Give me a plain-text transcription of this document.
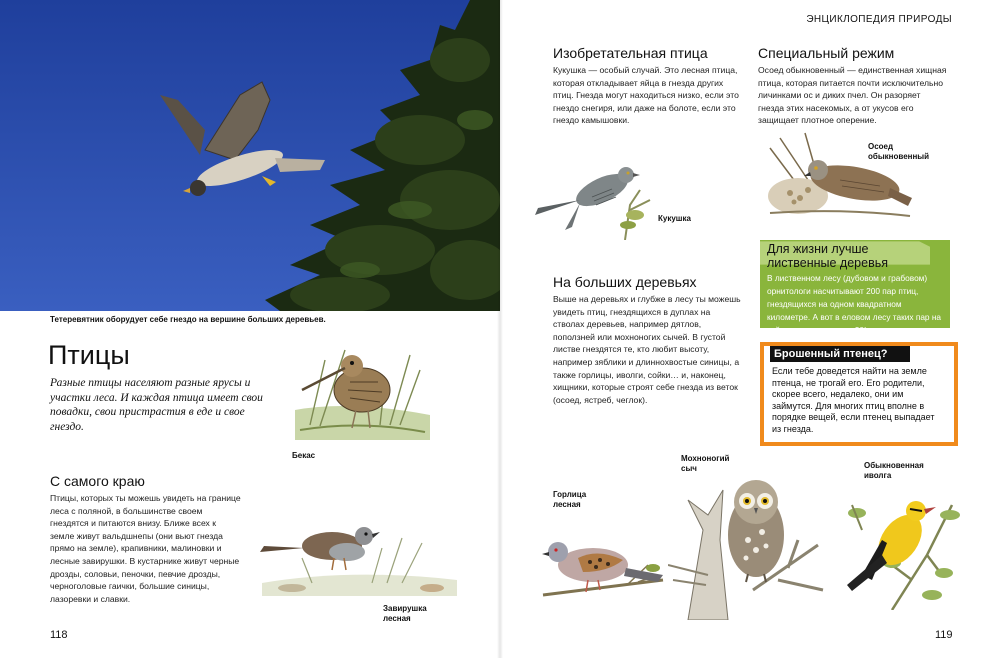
Тетеревятник оборудует себе гнездо на вершине больших деревьев.
Птицы
Разные птицы населяют разные ярусы и участки леса. И каждая птица имеет свои повадки, свои пристрастия в еде и свое гнездо.
Бекас
С самого краю
Птицы, которых ты можешь увидеть на границе леса с поляной, в большинстве своем гнездятся и питаются внизу. Ближе всех к земле живут вальдшнепы (они вьют гнезда прямо на земле), крапивники, малиновки и лесные завирушки. В кустарнике живут черные дрозды, соловьи, пеночки, певчие дрозды, черноголовые гаички, большие синицы, лазоревки и славки.
Завирушка
лесная
118
ЭНЦИКЛОПЕДИЯ ПРИРОДЫ
Изобретательная птица
Кукушка — особый случай. Это лесная птица, которая откладывает яйца в гнезда других птиц. Гнезда могут находиться низко, если это гнездо снегиря, или даже на болоте, если это гнездо камышовки.
Специальный режим
Осоед обыкновенный — единственная хищная птица, которая питается почти исключительно личинками ос и диких пчел. Он разоряет гнезда этих насекомых, а от укусов его защищает плотное оперение.
Кукушка
Осоед
обыкновенный
Для жизни лучше
лиственные деревья
В лиственном лесу (дубовом и грабовом) орнитологи насчитывают 200 пар птиц, гнездящихся на одном квадратном километре. А вот в еловом лесу таких пар на той же площади лишь 20!
На больших деревьях
Выше на деревьях и глубже в лесу ты можешь увидеть птиц, гнездящихся в дуплах на стволах деревьев, например дятлов, поползней или мохноногих сычей. В густой листве гнездятся те, кто любит высоту, например зяблики и длиннохвостые синицы, а также горлицы, иволги, сойки… и, наконец, хищники, которые строят себе гнезда из веток (осоед, ястреб, чеглок).
Брошенный птенец?
Если тебе доведется найти на земле птенца, не трогай его. Его родители, скорее всего, недалеко, они им займутся. Для многих птиц вполне в порядке вещей, если птенец выпадает из гнезда.
Горлица
лесная
Мохноногий
сыч	Обыкновенная
иволга
119
